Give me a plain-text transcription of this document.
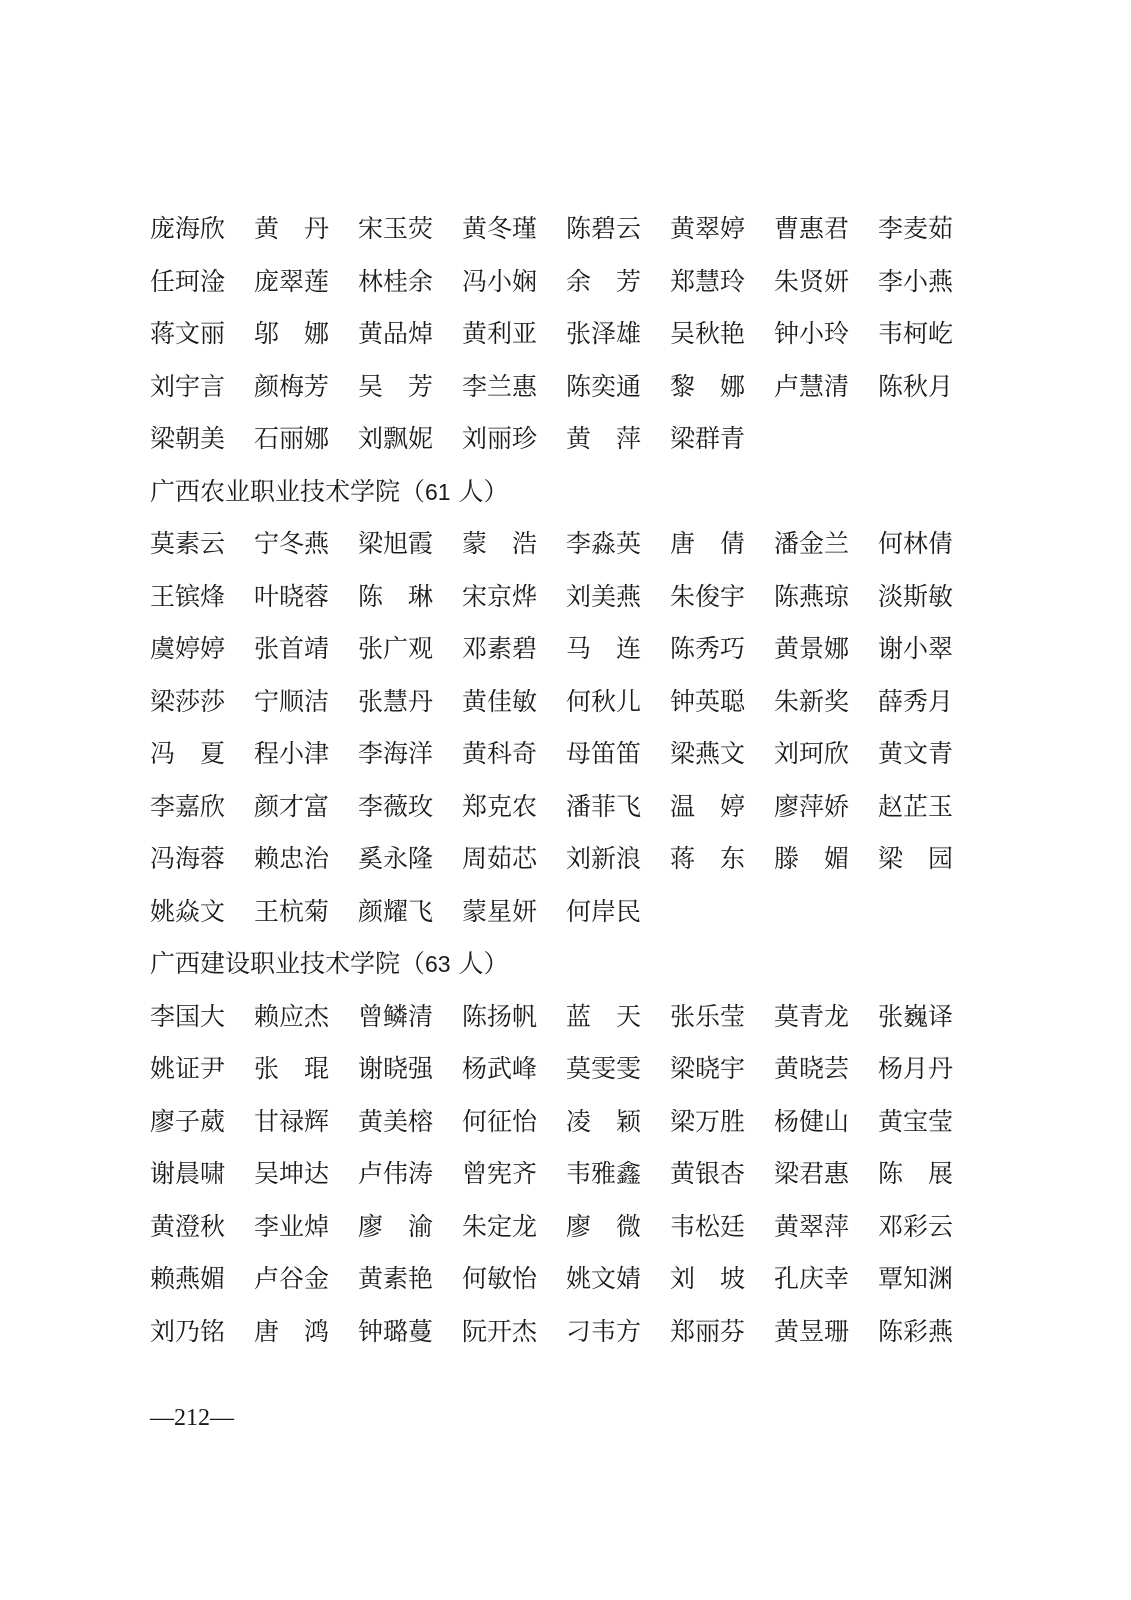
庞海欣 黄　丹 宋玉荧 黄冬瑾 陈碧云 黄翠婷 曹惠君 李麦茹
任珂淦 庞翠莲 林桂余 冯小娴 余　芳 郑慧玲 朱贤妍 李小燕
蒋文丽 邬　娜 黄品焯 黄利亚 张泽雄 吴秋艳 钟小玲 韦柯屹
刘宇言 颜梅芳 吴　芳 李兰惠 陈奕通 黎　娜 卢慧清 陈秋月
梁朝美 石丽娜 刘飘妮 刘丽珍 黄　萍 梁群青
广西农业职业技术学院（61 人）
莫素云 宁冬燕 梁旭霞 蒙　浩 李淼英 唐　倩 潘金兰 何林倩
王镔烽 叶晓蓉 陈　琳 宋京烨 刘美燕 朱俊宇 陈燕琼 淡斯敏
虞婷婷 张首靖 张广观 邓素碧 马　连 陈秀巧 黄景娜 谢小翠
梁莎莎 宁顺洁 张慧丹 黄佳敏 何秋儿 钟英聪 朱新奖 薛秀月
冯　夏 程小津 李海洋 黄科奇 母笛笛 梁燕文 刘珂欣 黄文青
李嘉欣 颜才富 李薇玫 郑克农 潘菲飞 温　婷 廖萍娇 赵芷玉
冯海蓉 赖忠治 奚永隆 周茹芯 刘新浪 蒋　东 滕　媚 梁　园
姚焱文 王杭菊 颜耀飞 蒙星妍 何岸民
广西建设职业技术学院（63 人）
李国大 赖应杰 曾鳞清 陈扬帆 蓝　天 张乐莹 莫青龙 张巍译
姚证尹 张　琨 谢晓强 杨武峰 莫雯雯 梁晓宇 黄晓芸 杨月丹
廖子葳 甘禄辉 黄美榕 何征怡 凌　颖 梁万胜 杨健山 黄宝莹
谢晨啸 吴坤达 卢伟涛 曾宪齐 韦雅鑫 黄银杏 梁君惠 陈　展
黄澄秋 李业焯 廖　渝 朱定龙 廖　微 韦松廷 黄翠萍 邓彩云
赖燕媚 卢谷金 黄素艳 何敏怡 姚文婧 刘　坡 孔庆幸 覃知渊
刘乃铭 唐　鸿 钟璐蔓 阮开杰 刁韦方 郑丽芬 黄昱珊 陈彩燕
—212—
